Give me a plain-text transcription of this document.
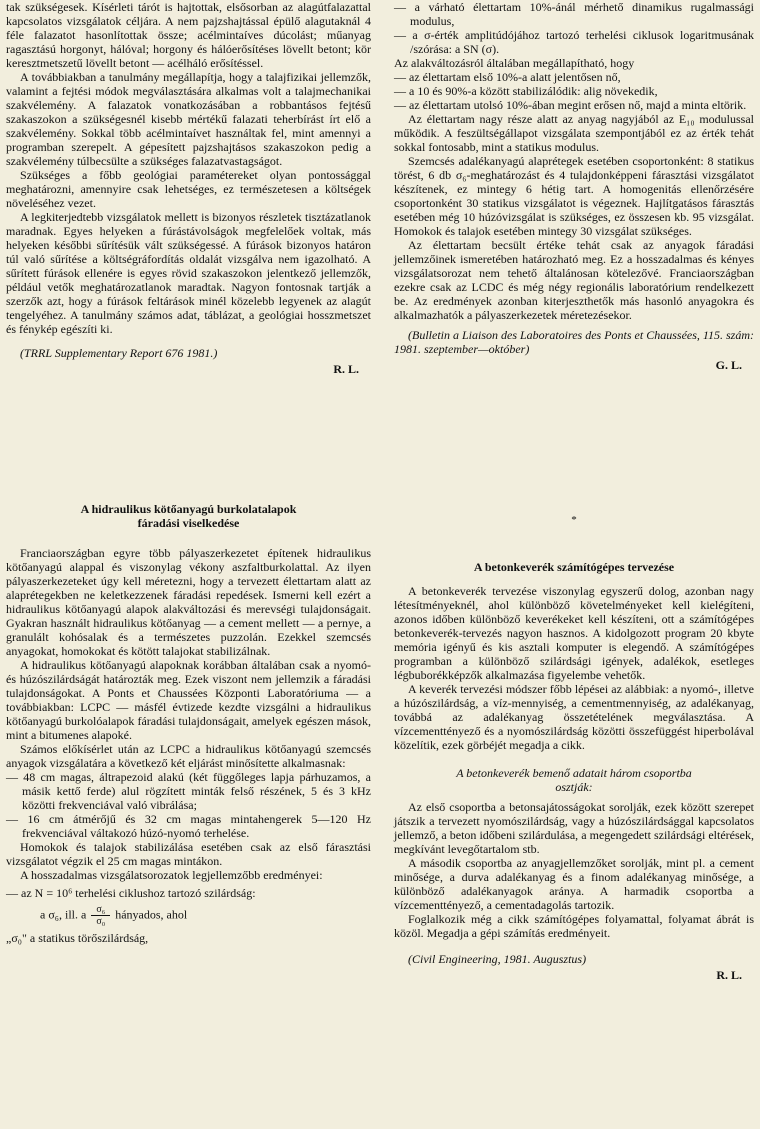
tak szükségesek. Kísérleti tárót is hajtottak, elsősorban az alagútfalazattal kapcsolatos vizsgálatok céljára. A nem pajzshajtással épülő alagutaknál 4 féle falazatot hasonlítottak össze; acélmintaíves dúcolást; műanyag ragasztású horgonyt, hálóval; horgony és hálóerősítéses lövellt betont; kör keresztmetszetű lövellt betont — acélháló erősítéssel.

A továbbiakban a tanulmány megállapítja, hogy a talajfizikai jellemzők, valamint a fejtési módok megválasztására alkalmas volt a talajmechanikai szakvélemény. A falazatok vonatkozásában a robbantásos fejtésű szakaszokon a szükségesnél kisebb mértékű falazati teherbírást írt elő a szakvélemény. Sokkal több acélmintaívet használtak fel, mint amennyi a programban szerepelt. A gépesített pajzshajtásos szakaszokon pedig a szakvélemény túlbecsülte a szükséges falazatvastagságot.

Szükséges a főbb geológiai paramétereket olyan pontossággal meghatározni, amennyire csak lehetséges, ez természetesen a költségek növeléséhez vezet.

A legkiterjedtebb vizsgálatok mellett is bizonyos részletek tisztázatlanok maradnak. Egyes helyeken a fúrástávolságok megfelelőek voltak, más helyeken későbbi sűrítésük vált szükségessé. A fúrások bizonyos határon túl való sűrítése a költségráfordítás oldalát vizsgálva nem igazolható. A sűrített fúrások ellenére is egyes rövid szakaszokon jelentkező jellemzők, például vetők meghatározatlanok maradtak. Nagyon fontosnak tartják a szerzők azt, hogy a fúrások feltárások minél közelebb legyenek az alagút tengelyéhez. A tanulmány számos adat, táblázat, a geológiai hosszmetszet és fénykép egészíti ki.

(TRRL Supplementary Report 676 1981.)
R. L.
A hidraulikus kötőanyagú burkolatalapok
fáradási viselkedése

Franciaországban egyre több pályaszerkezetet építenek hidraulikus kötőanyagú alappal és viszonylag vékony aszfaltburkolattal. Az ilyen pályaszerkezeteket úgy kell méretezni, hogy a tervezett élettartam alatt az alaprétegekben ne keletkezzenek fáradási repedések. Ismerni kell ezért a hidraulikus kötőanyagú alapok alakváltozási és merevségi tulajdonságait. Gyakran használt hidraulikus kötőanyag — a cement mellett — a pernye, a granulált kohósalak és a természetes puzzolán. Ezekkel szemcsés anyagokat, homokokat és kötött talajokat stabilizálnak.

A hidraulikus kötőanyagú alapoknak korábban általában csak a nyomó- és húzószilárdságát határozták meg. Ezek viszont nem jellemzik a fáradási tulajdonságokat. A Ponts et Chaussées Központi Laboratóriuma — a továbbiakban: LCPC — másfél évtizede kezdte vizsgálni a hidraulikus kötőanyagú burkolóalapok fáradási tulajdonságait, amelyek egészen mások, mint a bitumenes alapoké.

Számos előkísérlet után az LCPC a hidraulikus kötőanyagú szemcsés anyagok vizsgálatára a következő két eljárást minősítette alkalmasnak:

— 48 cm magas, áltrapezoid alakú (két függőleges lapja párhuzamos, a másik kettő ferde) alul rögzített minták felső részének, 5 és 3 kHz közötti frekvenciával való vibrálása;
— 16 cm átmérőjű és 32 cm magas mintahengerek 5—120 Hz frekvenciával váltakozó húzó-nyomó terhelése.

Homokok és talajok stabilizálása esetében csak az első fárasztási vizsgálatot végzik el 25 cm magas mintákon.

A hosszadalmas vizsgálatsorozatok legjellemzőbb eredményei:

— az N = 10⁶ terhelési ciklushoz tartozó szilárdság:
a σ₆, ill. a $\frac{\text{σ₆}}{\text{σ₀}}$ hányados, ahol
„σ₀" a statikus törőszilárdság,
— a várható élettartam 10%-ánál mérhető dinamikus rugalmassági modulus,
— a σ-érték amplitúdójához tartozó terhelési ciklusok logaritmusának /szórása: a SN (σ).

Az alakváltozásról általában megállapítható, hogy

— az élettartam első 10%-a alatt jelentősen nő,
— a 10 és 90%-a között stabilizálódik: alig növekedik,
— az élettartam utolsó 10%-ában megint erősen nő, majd a minta eltörik.

Az élettartam nagy része alatt az anyag nagyjából az E₁₀ modulussal működik. A feszültségállapot vizsgálata szempontjából ez az érték tehát sokkal fontosabb, mint a statikus modulus.

Szemcsés adalékanyagú alaprétegek esetében csoportonként: 8 statikus törést, 6 db σ₆-meghatározást és 4 tulajdonképpeni fárasztási vizsgálatot készítenek, ez mintegy 6 hétig tart. A homogenitás ellenőrzésére csoportonként 30 statikus vizsgálatot is végeznek. Hajlítgatásos fárasztás esetében még 10 húzóvizsgálat is szükséges, ez összesen kb. 95 vizsgálat. Homokok és talajok esetében mintegy 30 vizsgálat szükséges.

Az élettartam becsült értéke tehát csak az anyagok fáradási jellemzőinek ismeretében határozható meg. Ez a hosszadalmas és kényes vizsgálatsorozat nem tehető általánosan kötelezővé. Franciaországban ezekre csak az LCDC és még négy regionális laboratórium rendelkezett be. Az eredmények azonban kiterjeszthetők más hasonló anyagokra és alkalmazhatók a pályaszerkezetek méretezésekor.

(Bulletin a Liaison des Laboratoires des Ponts et Chaussées, 115. szám: 1981. szeptember—október)
G. L.
*
A betonkeverék számítógépes tervezése

A betonkeverék tervezése viszonylag egyszerű dolog, azonban nagy létesítményeknél, ahol különböző követelményeket kell kielégíteni, azonos időben különböző keverékeket kell készíteni, ott a számítógépes betonkeverék-tervezés nagyon hasznos. A kidolgozott program 20 kbyte memória igényű és kis asztali komputer is elegendő. A számítógépes programban a különböző szilárdsági igények, adalékok, esetleges légbuborékképzők alkalmazása figyelembe vehetők.

A keverék tervezési módszer főbb lépései az alábbiak: a nyomó-, illetve a húzószilárdság, a víz-mennyiség, a cementmennyiség, az adalékanyag, továbbá az adalékanyag összetételének megválasztása. A vízcementtényező és a nyomószilárdság közötti összefüggést hiperbolával közelítik, ezek görbéjét megadja a cikk.

A betonkeverék bemenő adatait három csoportba
osztják:

Az első csoportba a betonsajátosságokat sorolják, ezek között szerepet játszik a tervezett nyomószilárdság, vagy a húzószilárdsággal kapcsolatos jellemző, a beton időbeni szilárdulása, a megengedett szilárdsági eltérések, megkívánt levegőtartalom stb.

A második csoportba az anyagjellemzőket sorolják, mint pl. a cement minősége, a durva adalékanyag és a finom adalékanyag minősége, a különböző adalékanyagok aránya. A harmadik csoportba a vízcementtényező, a cementadagolás tartozik.

Foglalkozik még a cikk számítógépes folyamattal, folyamat ábrát is közöl. Megadja a gépi számítás eredményeit.

(Civil Engineering, 1981. Augusztus)
R. L.
